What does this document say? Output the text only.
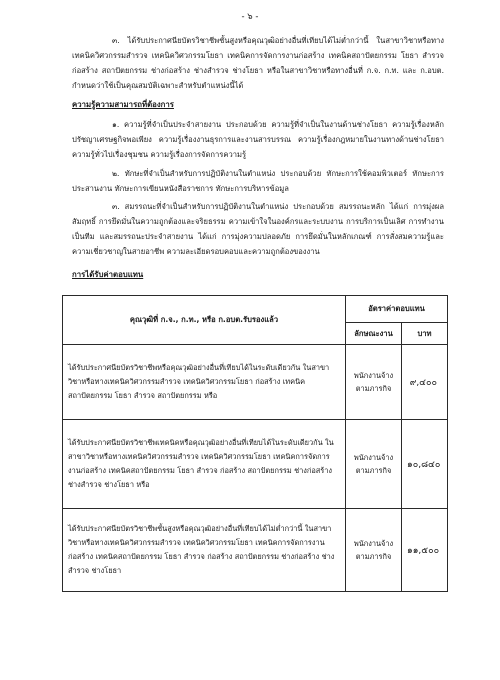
- ๖ -
๓. ได้รับประกาศนียบัตรวิชาชีพชั้นสูงหรือคุณวุฒิอย่างอื่นที่เทียบได้ไม่ต่ำกว่านี้ ในสาขาวิชาหรือทาง เทคนิควิศวกรรมสำรวจ เทคนิควิศวกรรมโยธา เทคนิคการจัดการงานก่อสร้าง เทคนิคสถาปัตยกรรม โยธา สำรวจ ก่อสร้าง สถาปัตยกรรม ช่างก่อสร้าง ช่างสำรวจ ช่างโยธา หรือในสาขาวิชาหรือทางอื่นที่ ก.จ. ก.ท. และ ก.อบต. กำหนดว่าใช้เป็นคุณสมบัติเฉพาะสำหรับตำแหน่งนี้ได้
ความรู้ความสามารถที่ต้องการ
๑. ความรู้ที่จำเป็นประจำสายงาน ประกอบด้วย ความรู้ที่จำเป็นในงานด้านช่างโยธา ความรู้เรื่องหลักปรัชญาเศรษฐกิจพอเพียง ความรู้เรื่องงานธุรการและงานสารบรรณ ความรู้เรื่องกฎหมายในงานทางด้านช่างโยธา ความรู้ทั่วไปเรื่องชุมชน ความรู้เรื่องการจัดการความรู้
๒. ทักษะที่จำเป็นสำหรับการปฏิบัติงานในตำแหน่ง ประกอบด้วย ทักษะการใช้คอมพิวเตอร์ ทักษะการประสานงาน ทักษะการเขียนหนังสือราชการ ทักษะการบริหารข้อมูล
๓. สมรรถนะที่จำเป็นสำหรับการปฏิบัติงานในตำแหน่ง ประกอบด้วย สมรรถนะหลัก ได้แก่ การมุ่งผลสัมฤทธิ์ การยึดมั่นในความถูกต้องและจริยธรรม ความเข้าใจในองค์กรและระบบงาน การบริการเป็นเลิศ การทำงานเป็นทีม และสมรรถนะประจำสายงาน ได้แก่ การมุ่งความปลอดภัย การยึดมั่นในหลักเกณฑ์ การสั่งสมความรู้และความเชี่ยวชาญในสายอาชีพ ความละเอียดรอบคอบและความถูกต้องของงาน
การได้รับค่าตอบแทน
คุณวุฒิที่ ก.จ., ก.ท., หรือ ก.อบต.รับรองแล้ว	อัตราค่าตอบแทน	
	ลักษณะงาน	บาท
ได้รับประกาศนียบัตรวิชาชีพหรือคุณวุฒิอย่างอื่นที่เทียบได้ในระดับเดียวกัน ในสาขาวิชาหรือทางเทคนิควิศวกรรมสำรวจ เทคนิควิศวกรรมโยธา ก่อสร้าง เทคนิคสถาปัตยกรรม โยธา สำรวจ สถาปัตยกรรม หรือ	พนักงานจ้างตามภารกิจ	๙,๔๐๐
ได้รับประกาศนียบัตรวิชาชีพเทคนิคหรือคุณวุฒิอย่างอื่นที่เทียบได้ในระดับเดียวกัน ในสาขาวิชาหรือทางเทคนิควิศวกรรมสำรวจ เทคนิควิศวกรรมโยธา เทคนิคการจัดการงานก่อสร้าง เทคนิคสถาปัตยกรรม โยธา สำรวจ ก่อสร้าง สถาปัตยกรรม ช่างก่อสร้าง ช่างสำรวจ ช่างโยธา หรือ	พนักงานจ้างตามภารกิจ	๑๐,๘๔๐
ได้รับประกาศนียบัตรวิชาชีพชั้นสูงหรือคุณวุฒิอย่างอื่นที่เทียบได้ไม่ต่ำกว่านี้ ในสาขาวิชาหรือทางเทคนิควิศวกรรมสำรวจ เทคนิควิศวกรรมโยธา เทคนิคการจัดการงานก่อสร้าง เทคนิคสถาปัตยกรรม โยธา สำรวจ ก่อสร้าง สถาปัตยกรรม ช่างก่อสร้าง ช่างสำรวจ ช่างโยธา	พนักงานจ้างตามภารกิจ	๑๑,๕๐๐
